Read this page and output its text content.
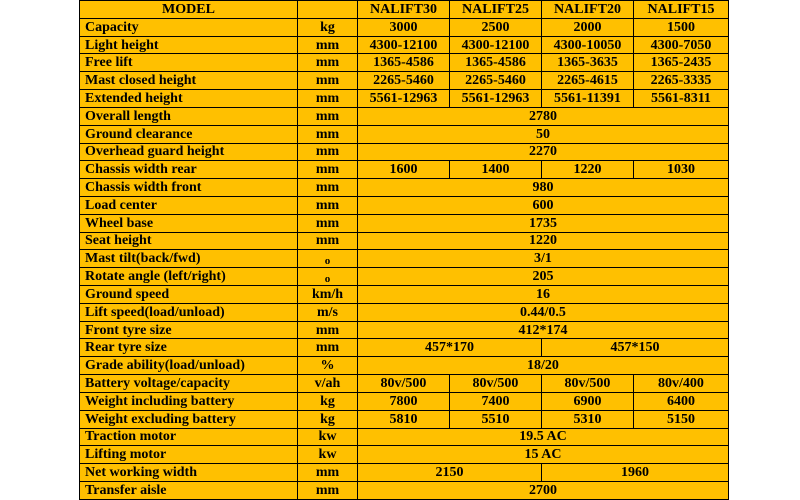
MODEL		NALIFT30	NALIFT25	NALIFT20	NALIFT15
Capacity	kg	3000	2500	2000	1500
Light height	mm	4300-12100	4300-12100	4300-10050	4300-7050
Free lift	mm	1365-4586	1365-4586	1365-3635	1365-2435
Mast closed height	mm	2265-5460	2265-5460	2265-4615	2265-3335
Extended height	mm	5561-12963	5561-12963	5561-11391	5561-8311
Overall length	mm	2780			
Ground clearance	mm	50			
Overhead guard height	mm	2270			
Chassis width rear	mm	1600	1400	1220	1030
Chassis width front	mm	980			
Load center	mm	600			
Wheel base	mm	1735			
Seat height	mm	1220			
Mast tilt(back/fwd)	o	3/1			
Rotate angle (left/right)	o	205			
Ground speed	km/h	16			
Lift speed(load/unload)	m/s	0.44/0.5			
Front tyre size	mm	412*174			
Rear tyre size	mm	457*170		457*150	
Grade ability(load/unload)	%	18/20			
Battery voltage/capacity	v/ah	80v/500	80v/500	80v/500	80v/400
Weight including battery	kg	7800	7400	6900	6400
Weight excluding battery	kg	5810	5510	5310	5150
Traction motor	kw	19.5 AC			
Lifting motor	kw	15 AC			
Net working width	mm	2150		1960	
Transfer aisle	mm	2700			
